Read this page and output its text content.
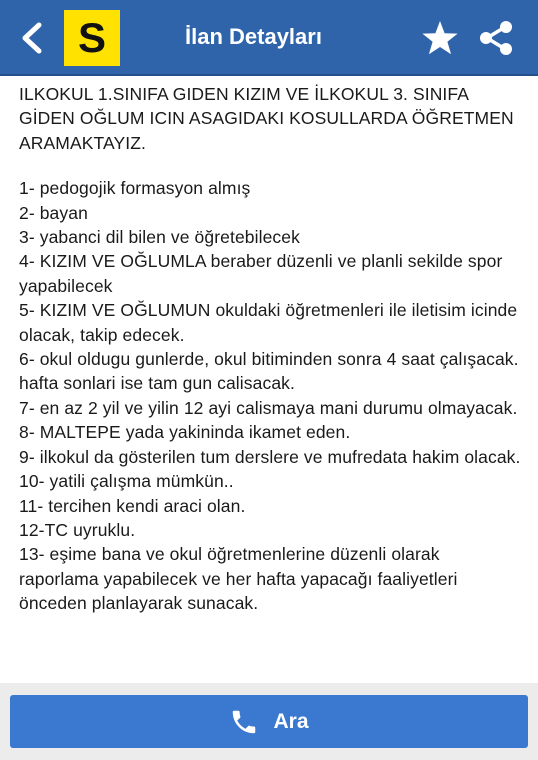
S	İlan Detayları

ILKOKUL 1.SINIFA GIDEN KIZIM VE İLKOKUL 3. SINIFA GİDEN OĞLUM ICIN ASAGIDAKI KOSULLARDA ÖĞRETMEN ARAMAKTAYIZ.

1- pedogojik formasyon almış

2- bayan

3- yabanci dil bilen ve öğretebilecek

4- KIZIM VE OĞLUMLA beraber düzenli ve planli sekilde spor yapabilecek

5- KIZIM VE OĞLUMUN okuldaki öğretmenleri ile iletisim icinde olacak, takip edecek.

6- okul oldugu gunlerde, okul bitiminden sonra 4 saat çalışacak. hafta sonlari ise tam gun calisacak.

7- en az 2 yil ve yilin 12 ayi calismaya mani durumu olmayacak.

8- MALTEPE yada yakininda ikamet eden.

9- ilkokul da gösterilen tum derslere ve mufredata hakim olacak.

10- yatili çalışma mümkün..

11- tercihen kendi araci olan.

12-TC uyruklu.

13- eşime bana ve okul öğretmenlerine düzenli olarak raporlama yapabilecek ve her hafta yapacağı faaliyetleri önceden planlayarak sunacak.

Ara
